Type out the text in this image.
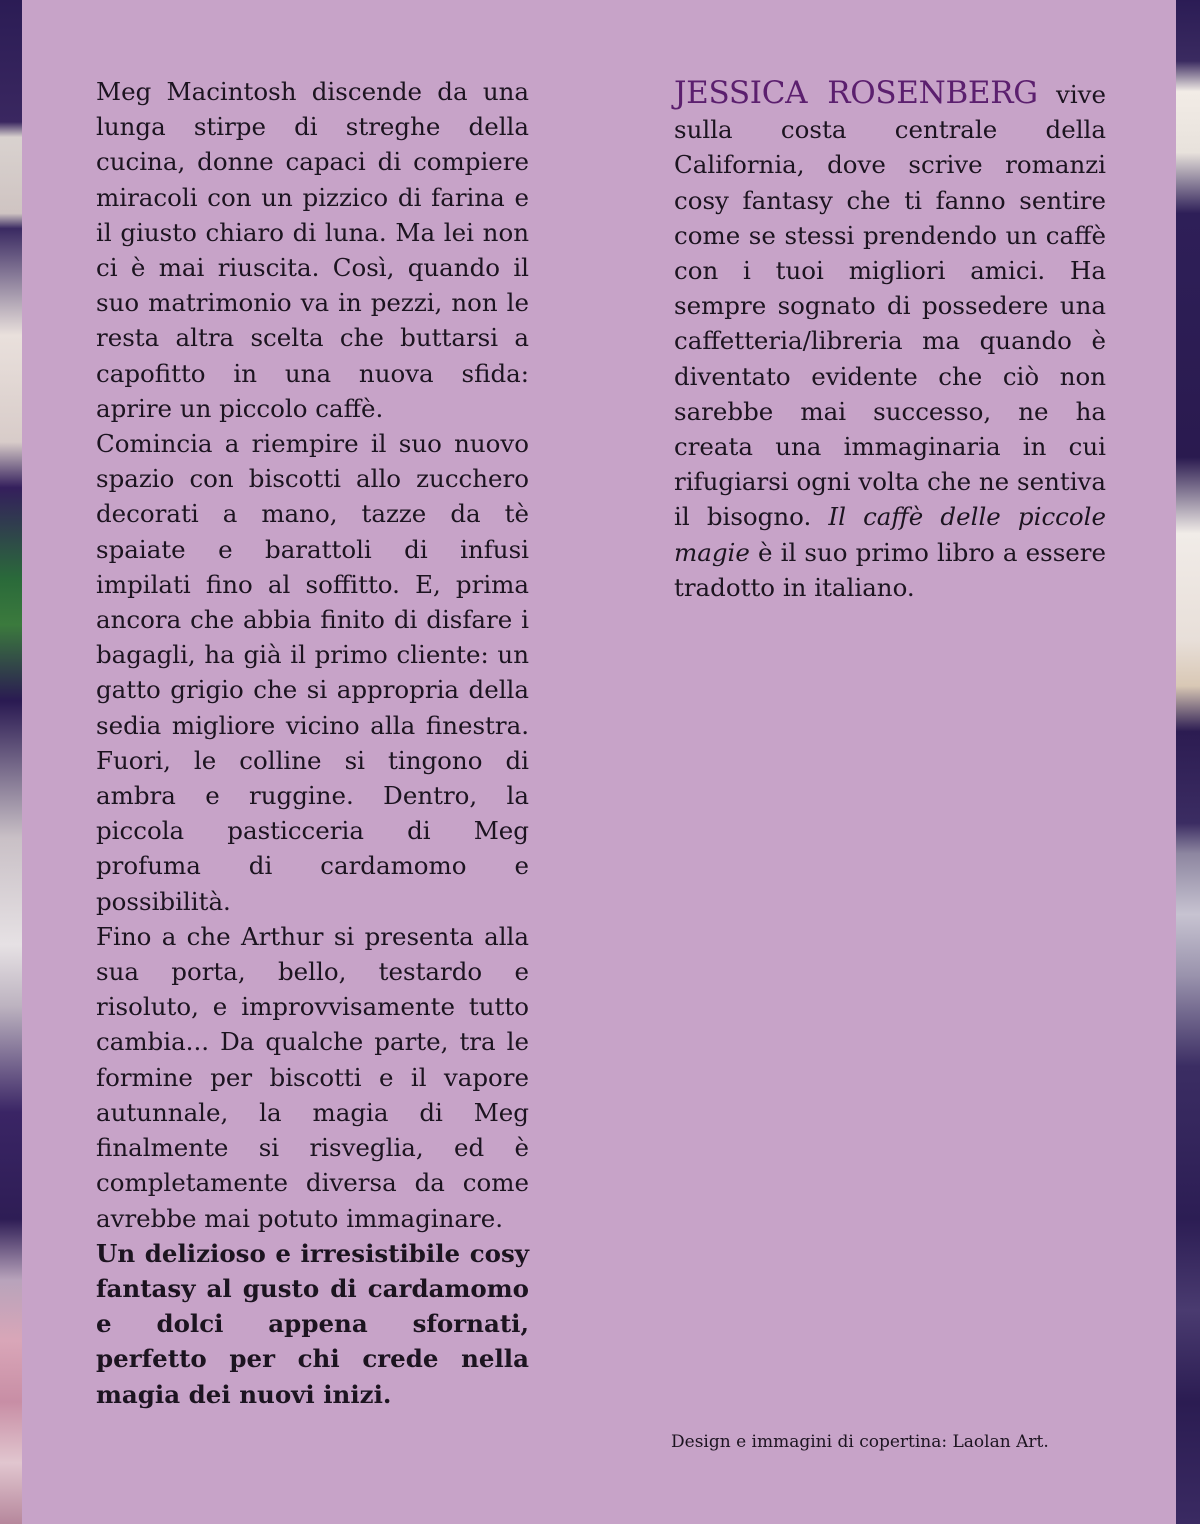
Meg Macintosh discende da una lunga stirpe di streghe della cucina, donne capaci di compiere miracoli con un pizzico di farina e il giusto chiaro di luna. Ma lei non ci è mai riuscita. Così, quando il suo matrimonio va in pezzi, non le resta altra scelta che buttarsi a capofitto in una nuova sfida: aprire un piccolo caffè.

Comincia a riempire il suo nuovo spazio con biscotti allo zucchero decorati a mano, tazze da tè spaiate e barattoli di infusi impilati fino al soffitto. E, prima ancora che abbia finito di disfare i bagagli, ha già il primo cliente: un gatto grigio che si appropria della sedia migliore vicino alla finestra. Fuori, le colline si tingono di ambra e ruggine. Dentro, la piccola pasticceria di Meg profuma di cardamomo e possibilità.

Fino a che Arthur si presenta alla sua porta, bello, testardo e risoluto, e improvvisamente tutto cambia... Da qualche parte, tra le formine per biscotti e il vapore autunnale, la magia di Meg finalmente si risveglia, ed è completamente diversa da come avrebbe mai potuto immaginare.

Un delizioso e irresistibile cosy fantasy al gusto di cardamomo e dolci appena sfornati, perfetto per chi crede nella magia dei nuovi inizi.

JESSICA ROSENBERG vive sulla costa centrale della California, dove scrive romanzi cosy fantasy che ti fanno sentire come se stessi prendendo un caffè con i tuoi migliori amici. Ha sempre sognato di possedere una caffetteria/libreria ma quando è diventato evidente che ciò non sarebbe mai successo, ne ha creata una immaginaria in cui rifugiarsi ogni volta che ne sentiva il bisogno. Il caffè delle piccole magie è il suo primo libro a essere tradotto in italiano.

Design e immagini di copertina: Laolan Art.
